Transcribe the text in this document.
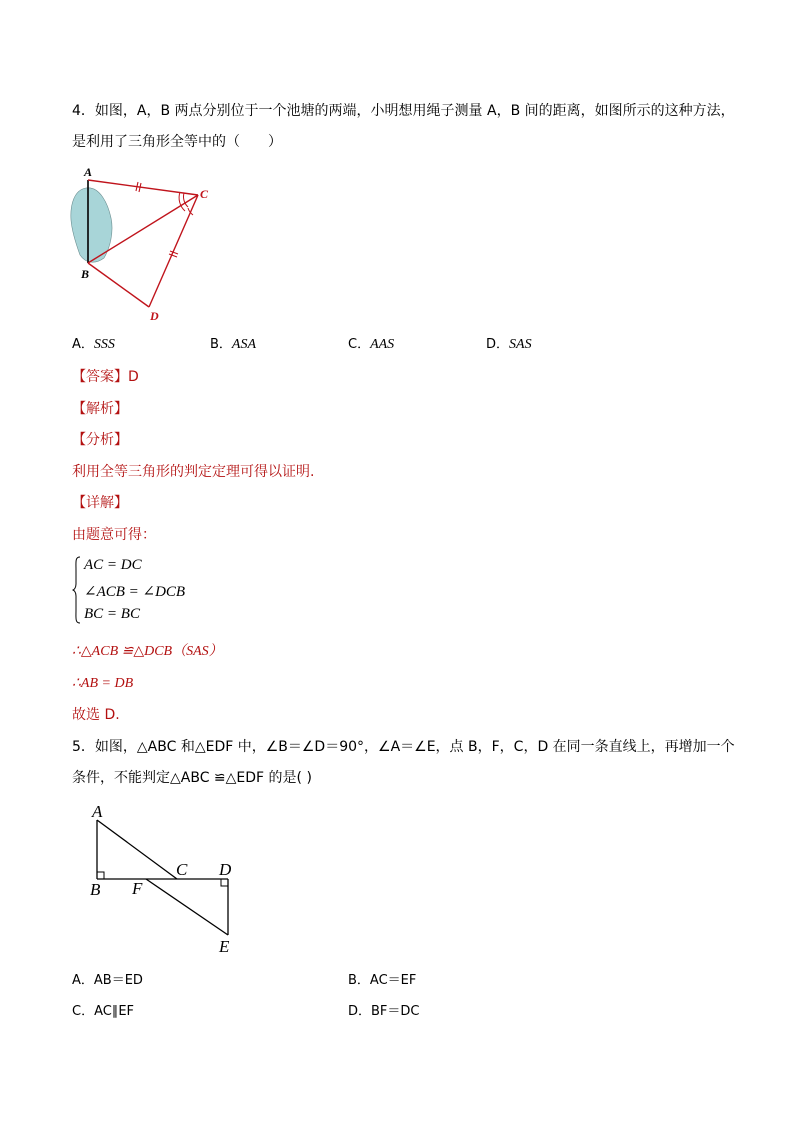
4．如图，A，B 两点分别位于一个池塘的两端，小明想用绳子测量 A，B 间的距离，如图所示的这种方法，
是利用了三角形全等中的（　　）
A
B
C
D
A．SSS	B．ASA	C．AAS	D．SAS
【答案】D
【解析】
【分析】
利用全等三角形的判定定理可得以证明.
【详解】
由题意可得：
AC = DC
∠ACB = ∠DCB
BC = BC
∴△ACB ≌△DCB（SAS）
∴AB = DB
故选 D.
5．如图，△ABC 和△EDF 中，∠B＝∠D＝90°，∠A＝∠E，点 B，F，C，D 在同一条直线上，再增加一个
条件，不能判定△ABC ≌△EDF 的是( )
A
B
C D
E
F
A．AB＝ED	B．AC＝EF
C．AC∥EF	D．BF＝DC
